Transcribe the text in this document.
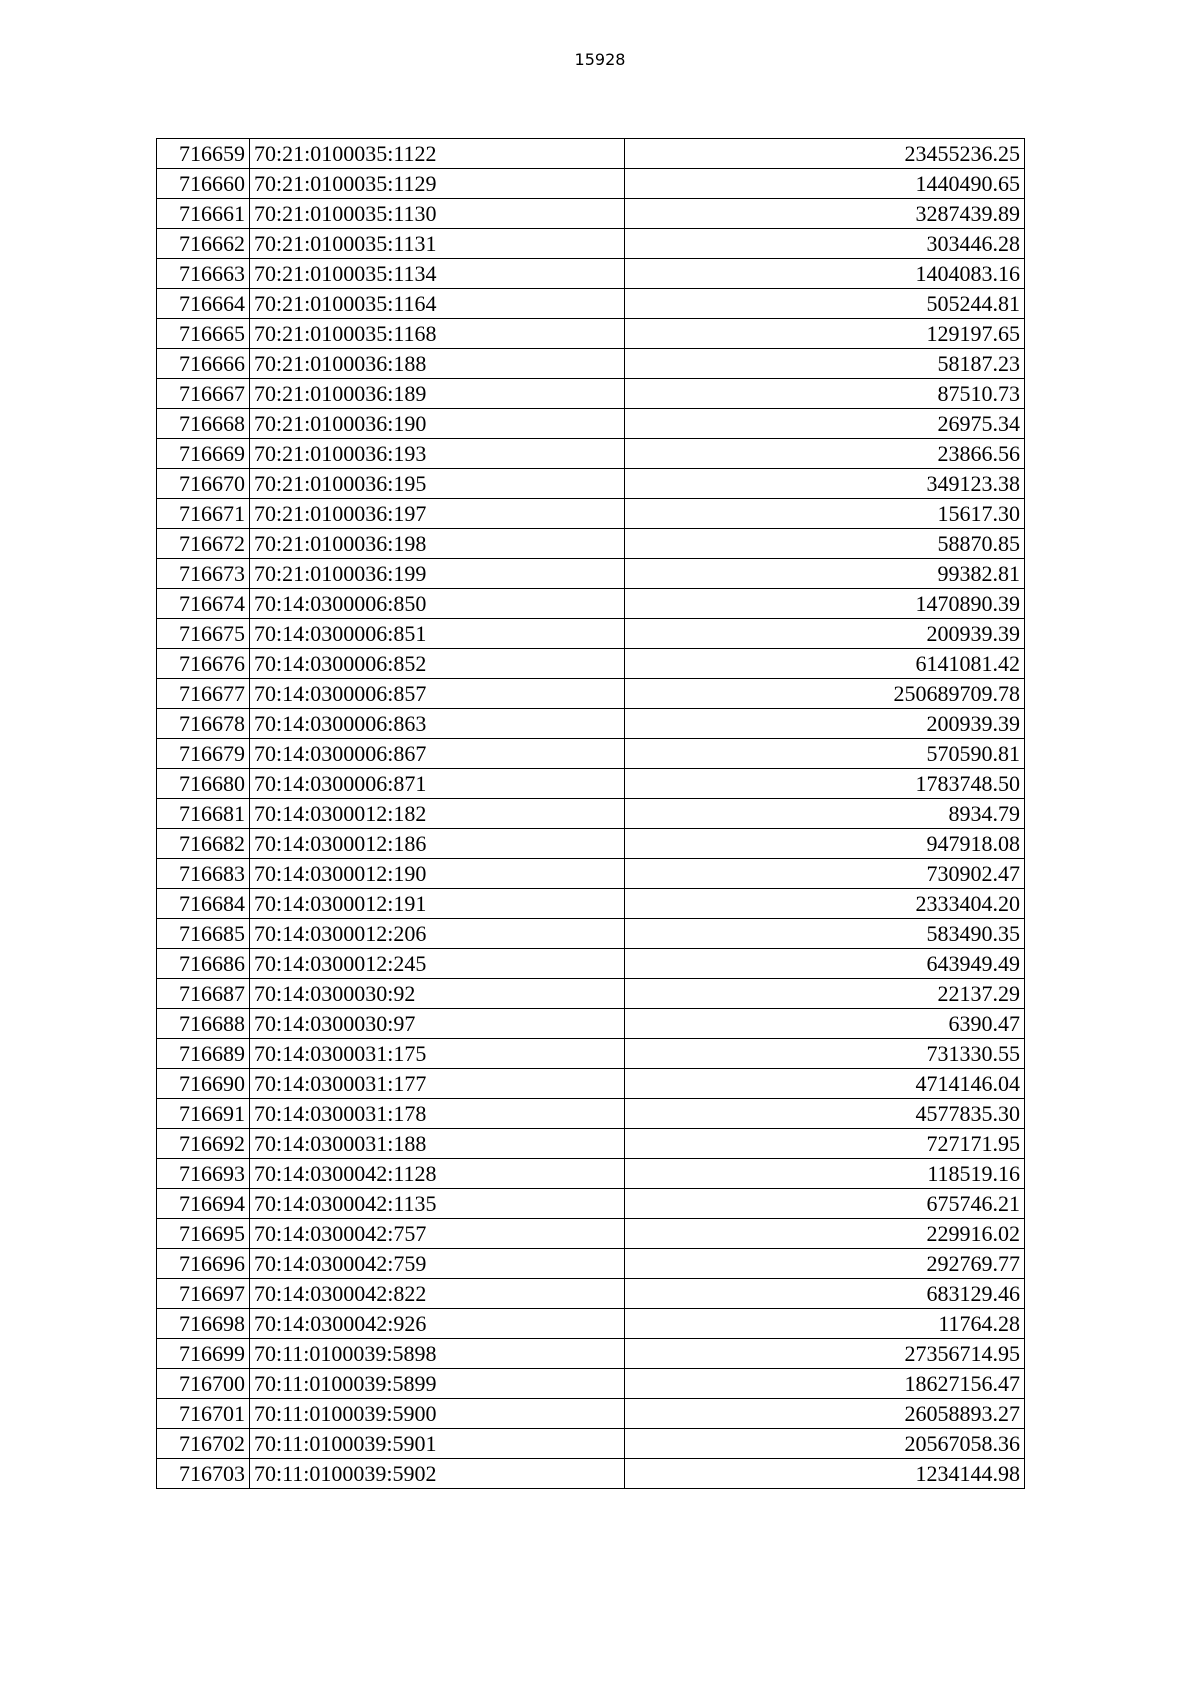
15928
716659	70:21:0100035:1122	23455236.25
716660	70:21:0100035:1129	1440490.65
716661	70:21:0100035:1130	3287439.89
716662	70:21:0100035:1131	303446.28
716663	70:21:0100035:1134	1404083.16
716664	70:21:0100035:1164	505244.81
716665	70:21:0100035:1168	129197.65
716666	70:21:0100036:188	58187.23
716667	70:21:0100036:189	87510.73
716668	70:21:0100036:190	26975.34
716669	70:21:0100036:193	23866.56
716670	70:21:0100036:195	349123.38
716671	70:21:0100036:197	15617.30
716672	70:21:0100036:198	58870.85
716673	70:21:0100036:199	99382.81
716674	70:14:0300006:850	1470890.39
716675	70:14:0300006:851	200939.39
716676	70:14:0300006:852	6141081.42
716677	70:14:0300006:857	250689709.78
716678	70:14:0300006:863	200939.39
716679	70:14:0300006:867	570590.81
716680	70:14:0300006:871	1783748.50
716681	70:14:0300012:182	8934.79
716682	70:14:0300012:186	947918.08
716683	70:14:0300012:190	730902.47
716684	70:14:0300012:191	2333404.20
716685	70:14:0300012:206	583490.35
716686	70:14:0300012:245	643949.49
716687	70:14:0300030:92	22137.29
716688	70:14:0300030:97	6390.47
716689	70:14:0300031:175	731330.55
716690	70:14:0300031:177	4714146.04
716691	70:14:0300031:178	4577835.30
716692	70:14:0300031:188	727171.95
716693	70:14:0300042:1128	118519.16
716694	70:14:0300042:1135	675746.21
716695	70:14:0300042:757	229916.02
716696	70:14:0300042:759	292769.77
716697	70:14:0300042:822	683129.46
716698	70:14:0300042:926	11764.28
716699	70:11:0100039:5898	27356714.95
716700	70:11:0100039:5899	18627156.47
716701	70:11:0100039:5900	26058893.27
716702	70:11:0100039:5901	20567058.36
716703	70:11:0100039:5902	1234144.98
